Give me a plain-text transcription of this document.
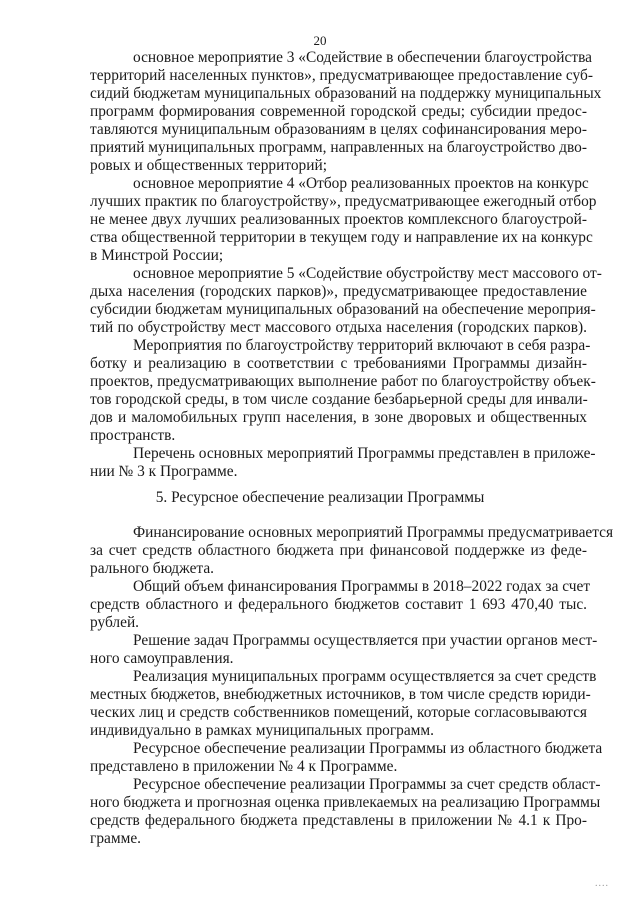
20
основное мероприятие 3 «Содействие в обеспечении благоустройства
территорий населенных пунктов», предусматривающее предоставление суб-
сидий бюджетам муниципальных образований на поддержку муниципальных
программ формирования современной городской среды; субсидии предос-
тавляются муниципальным образованиям в целях софинансирования меро-
приятий муниципальных программ, направленных на благоустройство дво-
ровых и общественных территорий;
основное мероприятие 4 «Отбор реализованных проектов на конкурс
лучших практик по благоустройству», предусматривающее ежегодный отбор
не менее двух лучших реализованных проектов комплексного благоустрой-
ства общественной территории в текущем году и направление их на конкурс
в Минстрой России;
основное мероприятие 5 «Содействие обустройству мест массового от-
дыха населения (городских парков)», предусматривающее предоставление
субсидии бюджетам муниципальных образований на обеспечение мероприя-
тий по обустройству мест массового отдыха населения (городских парков).
Мероприятия по благоустройству территорий включают в себя разра-
ботку и реализацию в соответствии с требованиями Программы дизайн-
проектов, предусматривающих выполнение работ по благоустройству объек-
тов городской среды, в том числе создание безбарьерной среды для инвали-
дов и маломобильных групп населения, в зоне дворовых и общественных
пространств.
Перечень основных мероприятий Программы представлен в приложе-
нии № 3 к Программе.
5. Ресурсное обеспечение реализации Программы
Финансирование основных мероприятий Программы предусматривается
за счет средств областного бюджета при финансовой поддержке из феде-
рального бюджета.
Общий объем финансирования Программы в 2018–2022 годах за счет
средств областного и федерального бюджетов составит 1 693 470,40 тыс.
рублей.
Решение задач Программы осуществляется при участии органов мест-
ного самоуправления.
Реализация муниципальных программ осуществляется за счет средств
местных бюджетов, внебюджетных источников, в том числе средств юриди-
ческих лиц и средств собственников помещений, которые согласовываются
индивидуально в рамках муниципальных программ.
Ресурсное обеспечение реализации Программы из областного бюджета
представлено в приложении № 4 к Программе.
Ресурсное обеспечение реализации Программы за счет средств област-
ного бюджета и прогнозная оценка привлекаемых на реализацию Программы
средств федерального бюджета представлены в приложении № 4.1 к Про-
грамме.
....
